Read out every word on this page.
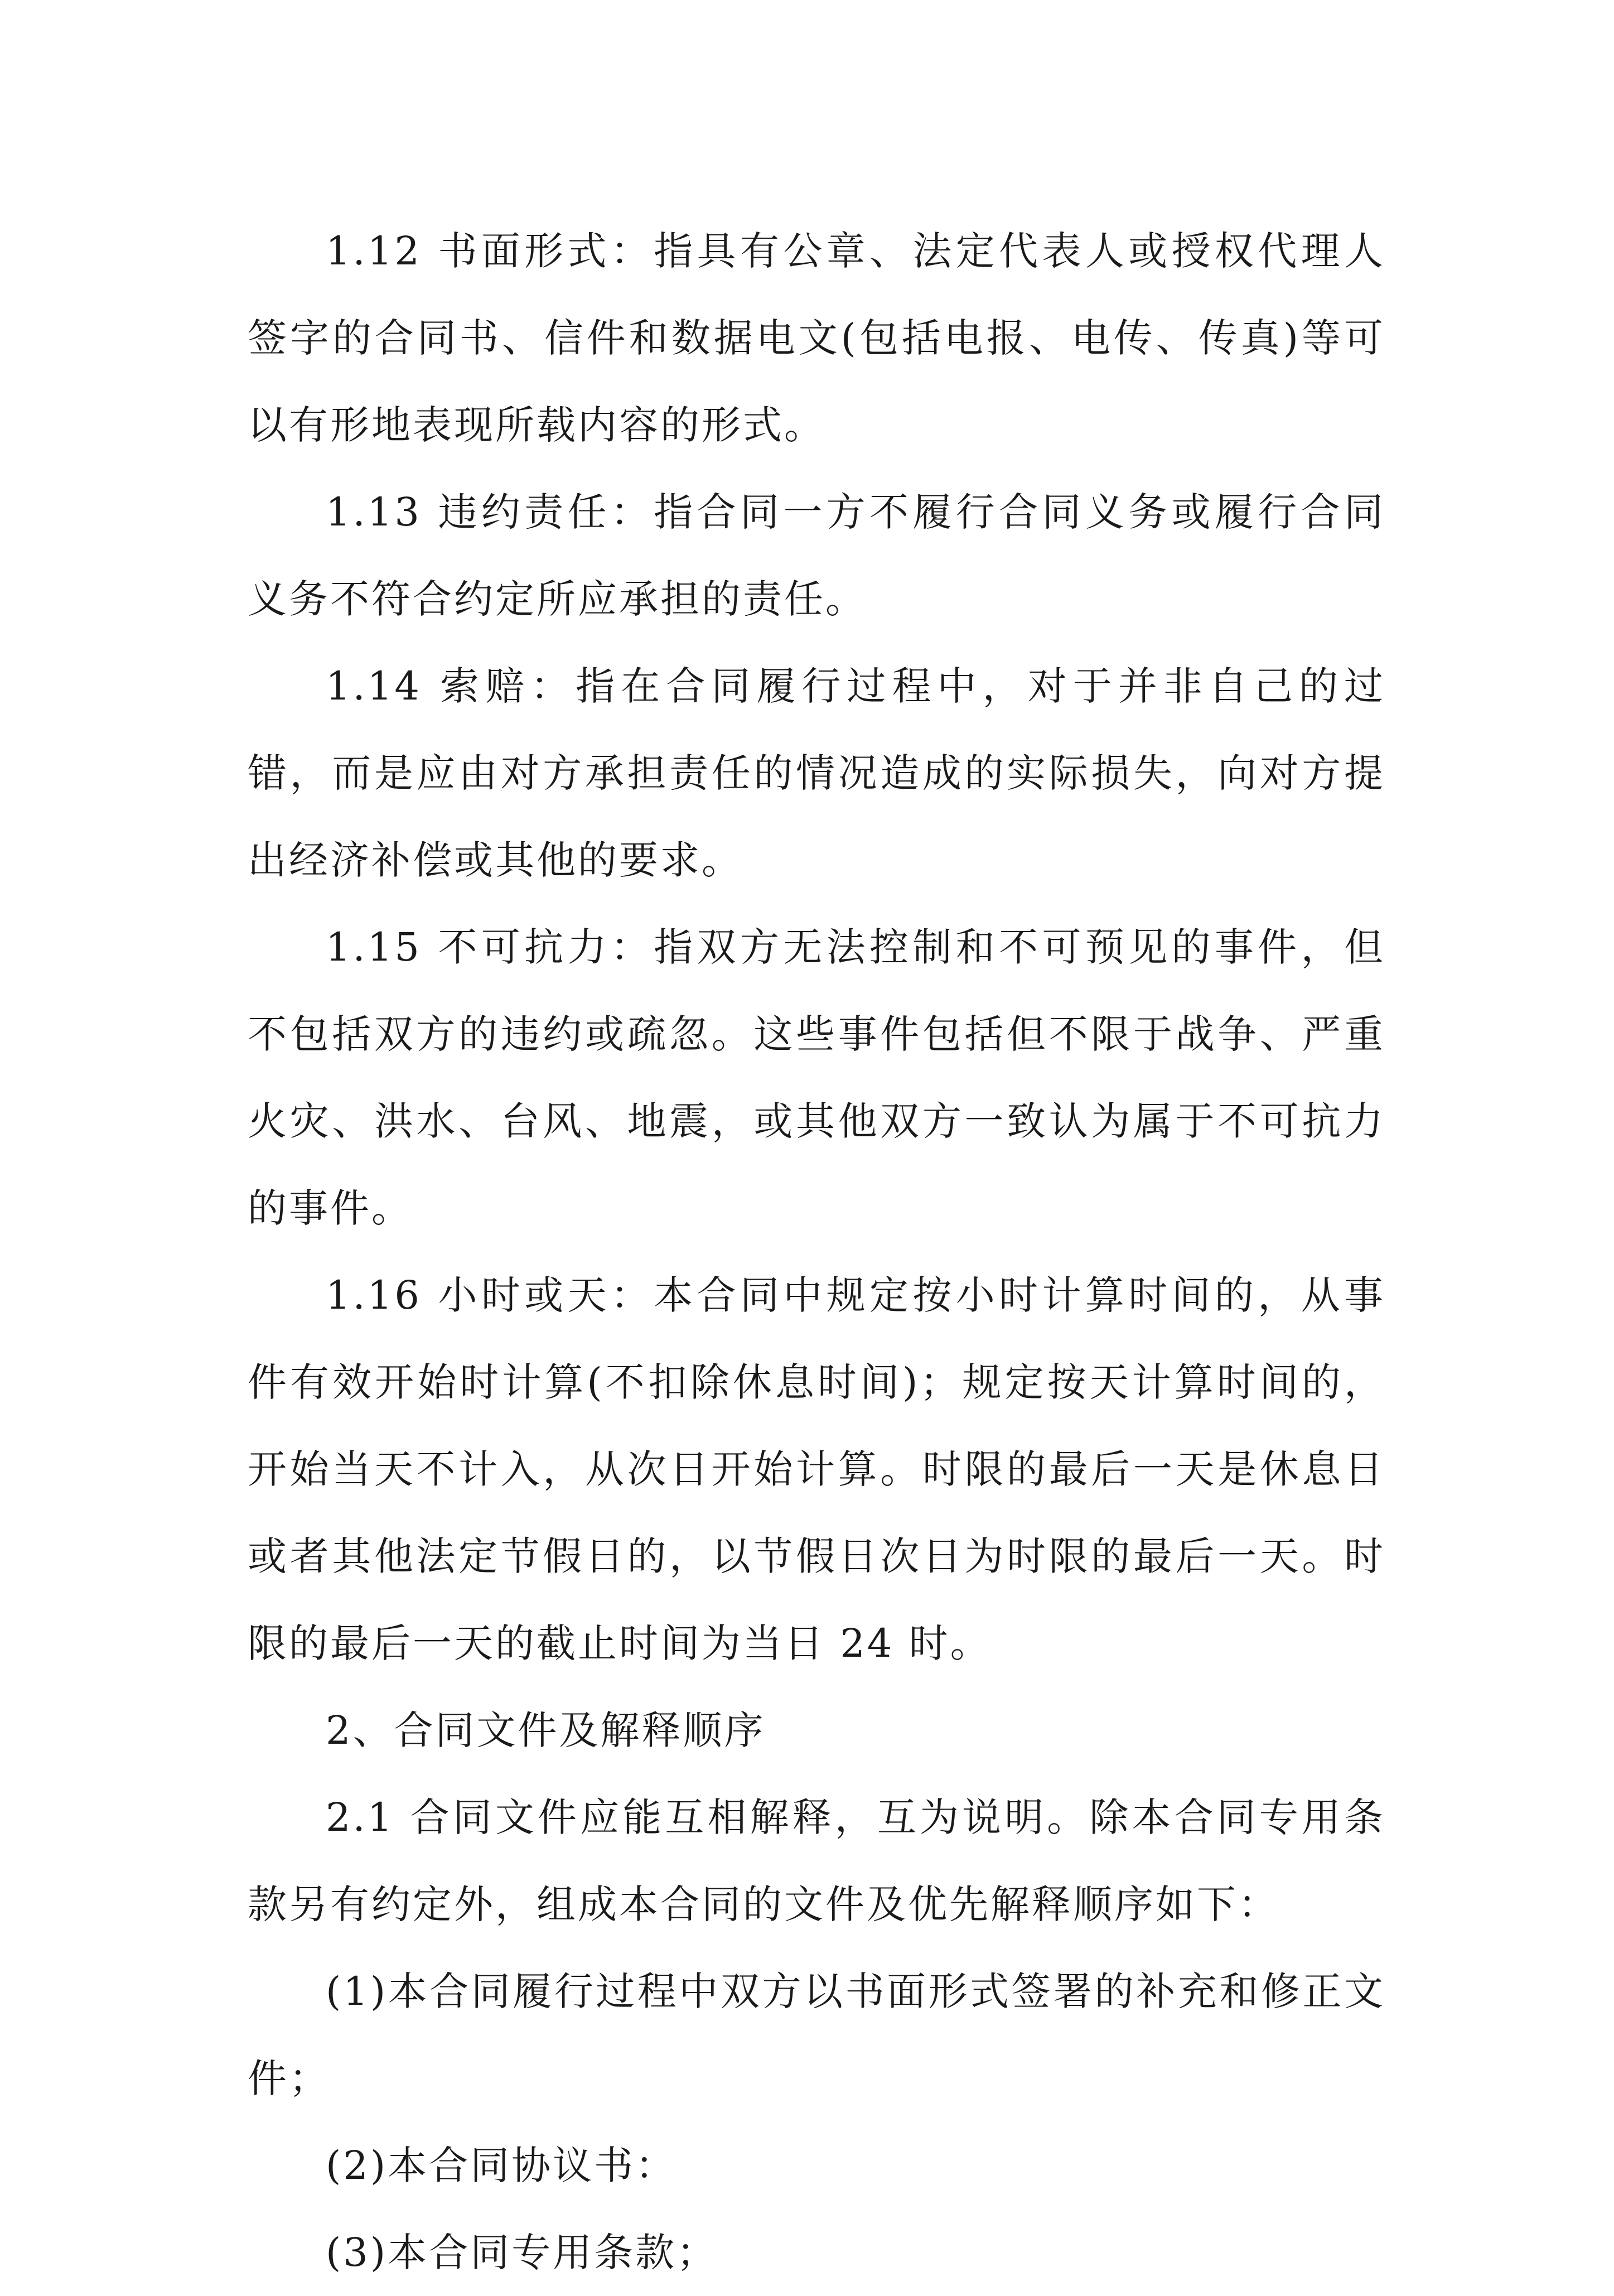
1.12 书面形式：指具有公章、法定代表人或授权代理人签字的合同书、信件和数据电文(包括电报、电传、传真)等可以有形地表现所载内容的形式。

1.13 违约责任：指合同一方不履行合同义务或履行合同义务不符合约定所应承担的责任。

1.14 索赔：指在合同履行过程中，对于并非自己的过错，而是应由对方承担责任的情况造成的实际损失，向对方提出经济补偿或其他的要求。

1.15 不可抗力：指双方无法控制和不可预见的事件，但不包括双方的违约或疏忽。这些事件包括但不限于战争、严重火灾、洪水、台风、地震，或其他双方一致认为属于不可抗力的事件。

1.16 小时或天：本合同中规定按小时计算时间的，从事件有效开始时计算(不扣除休息时间)；规定按天计算时间的，开始当天不计入，从次日开始计算。时限的最后一天是休息日或者其他法定节假日的，以节假日次日为时限的最后一天。时限的最后一天的截止时间为当日 24 时。

2、合同文件及解释顺序

2.1 合同文件应能互相解释，互为说明。除本合同专用条款另有约定外，组成本合同的文件及优先解释顺序如下：

(1)本合同履行过程中双方以书面形式签署的补充和修正文件；

(2)本合同协议书：

(3)本合同专用条款；
